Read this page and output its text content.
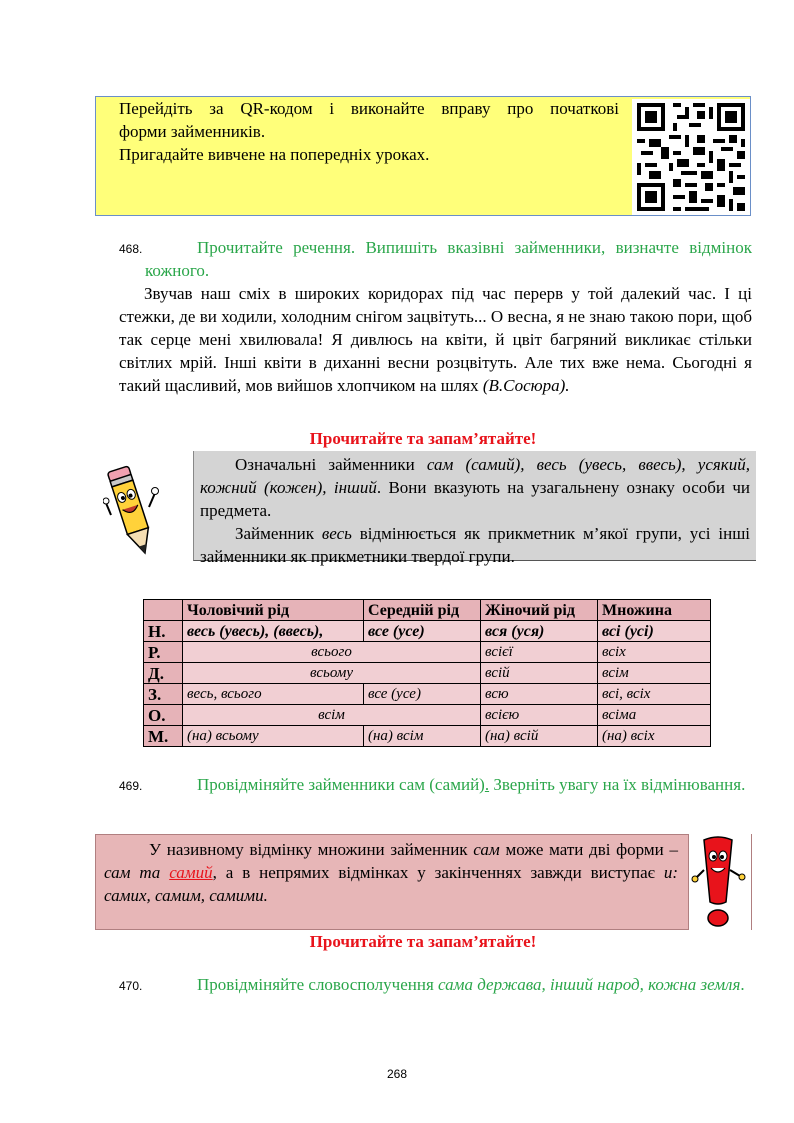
Перейдіть за QR-кодом і виконайте вправу про початкові
форми займенників.
Пригадайте вивчене на попередніх уроках.
468.	Прочитайте речення. Випишіть вказівні займенники, визначте відмінок кожного.
Звучав наш сміх в широких коридорах під час перерв у той далекий час. І ці стежки, де ви ходили, холодним снігом зацвітуть... О весна, я не знаю такою пори, щоб так серце мені хвилювала! Я дивлюсь на квіти, й цвіт багряний викликає стільки світлих мрій. Інші квіти в диханні весни розцвітуть. Але тих вже нема. Сьогодні я такий щасливий, мов вийшов хлопчиком на шлях (В.Сосюра).
Прочитайте та запам’ятайте!

Означальні займенники сам (самий), весь (увесь, ввесь), усякий, кожний (кожен), інший. Вони вказують на узагальнену ознаку особи чи предмета.

Займенник весь відмінюється як прикметник м’якої групи, усі інші займенники як прикметники твердої групи.

	Чоловічий рід	Середній рід	Жіночий рід	Множина
Н.	весь (увесь), (ввесь),	все (усе)	вся (уся)	всі (усі)
Р.	всього		всієї	всіх
Д.	всьому		всій	всім
З.	весь, всього	все (усе)	всю	всі, всіх
О.	всім		всією	всіма
М.	(на) всьому	(на) всім	(на) всій	(на) всіх
469.	Провідміняйте займенники сам (самий). Зверніть увагу на їх відмінювання.

У називному відмінку множини займенник сам може мати дві форми – сам та самий, а в непрямих відмінках у закінченнях завжди виступає и: самих, самим, самими.

Прочитайте та запам’ятайте!
470.	Провідміняйте словосполучення сама держава, інший народ, кожна земля.
268
